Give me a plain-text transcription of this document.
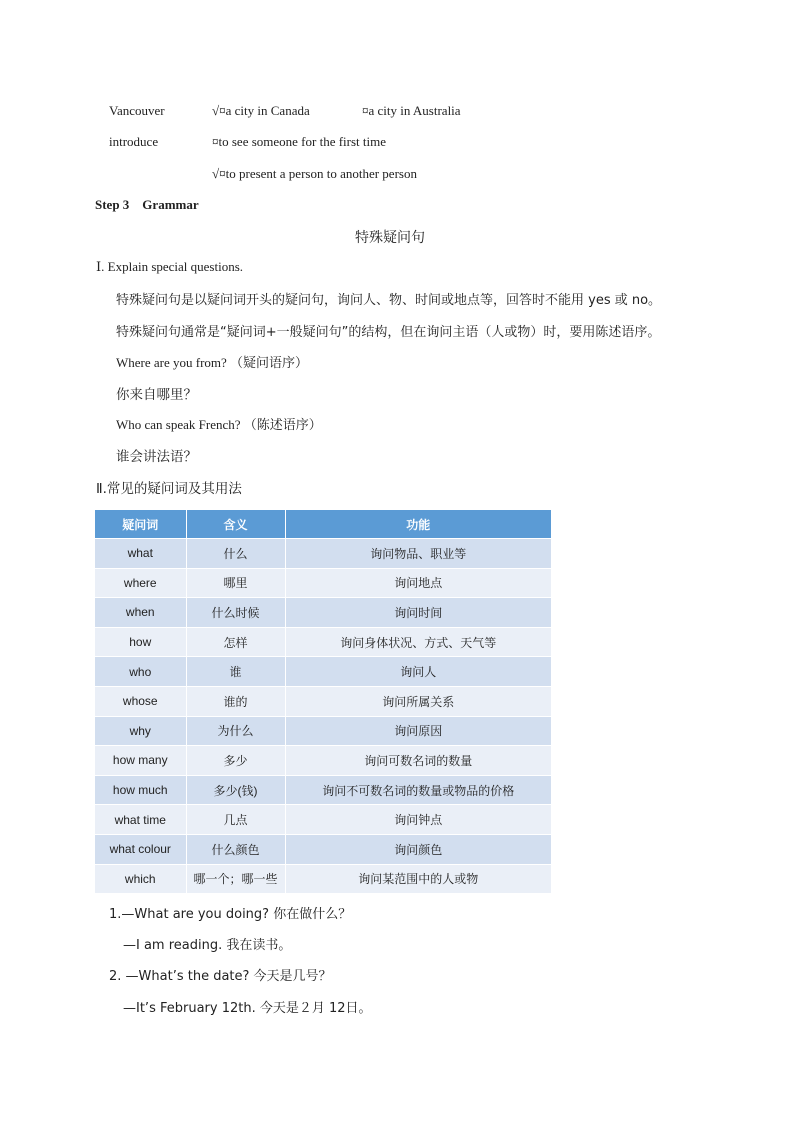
Vancouver	√¤a city in Canada	¤a city in Australia
introduce	¤to see someone for the first time
√¤to present a person to another person
Step 3    Grammar
特殊疑问句
Ⅰ. Explain special questions.
特殊疑问句是以疑问词开头的疑问句，询问人、物、时间或地点等，回答时不能用 yes 或 no。
特殊疑问句通常是“疑问词+一般疑问句”的结构，但在询问主语（人或物）时，要用陈述语序。
Where are you from? （疑问语序）
你来自哪里？
Who can speak French? （陈述语序）
谁会讲法语？
Ⅱ.常见的疑问词及其用法
疑问词	含义	功能
what	什么	询问物品、职业等
where	哪里	询问地点
when	什么时候	询问时间
how	怎样	询问身体状况、方式、天气等
who	谁	询问人
whose	谁的	询问所属关系
why	为什么	询问原因
how many	多少	询问可数名词的数量
how much	多少(钱)	询问不可数名词的数量或物品的价格
what time	几点	询问钟点
what colour	什么颜色	询问颜色
which	哪一个；哪一些	询问某范围中的人或物
1.—What are you doing? 你在做什么？
—I am reading. 我在读书。
2. —What’s the date? 今天是几号？
—It’s February 12th. 今天是２月 12日。
